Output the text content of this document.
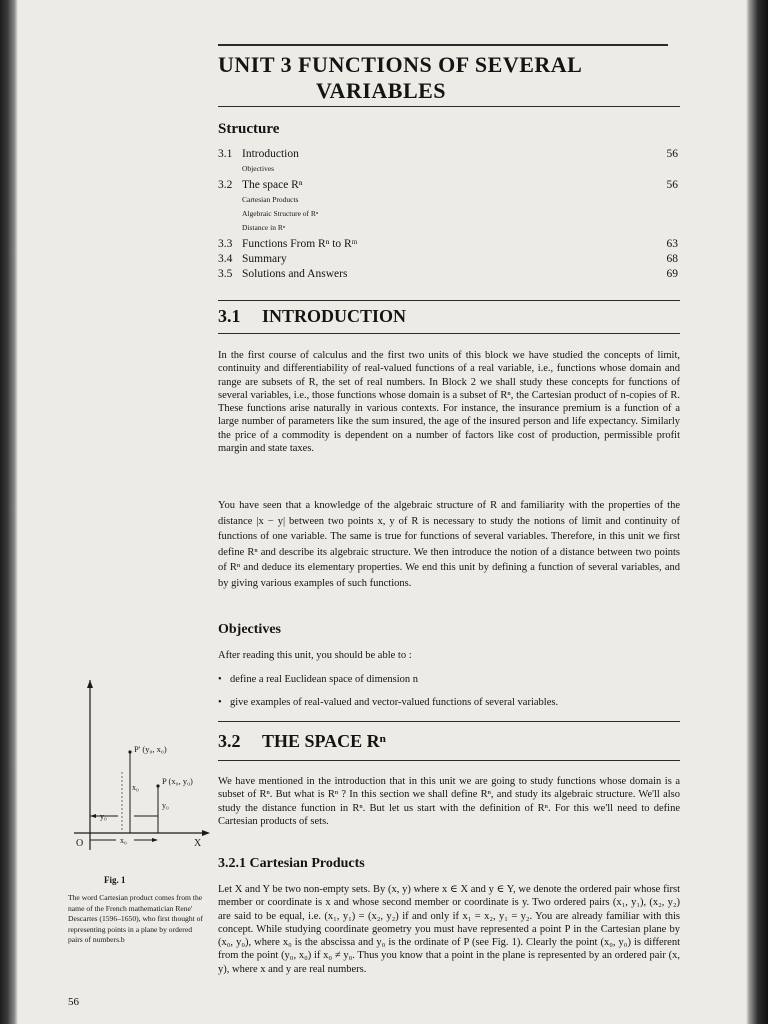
UNIT 3 FUNCTIONS OF SEVERAL
VARIABLES
Structure
3.1 Introduction	56
Objectives
3.2 The space Rⁿ	56
Cartesian Products
Algebraic Structure of Rⁿ
Distance in Rⁿ
3.3 Functions From Rⁿ to Rᵐ	63
3.4 Summary	68
3.5 Solutions and Answers	69
3.1 INTRODUCTION

In the first course of calculus and the first two units of this block we have studied the concepts of limit, continuity and differentiability of real-valued functions of a real variable, i.e., functions whose domain and range are subsets of R, the set of real numbers. In Block 2 we shall study these concepts for functions of several variables, i.e., those functions whose domain is a subset of Rⁿ, the Cartesian product of n-copies of R. These functions arise naturally in various contexts. For instance, the insurance premium is a function of a large number of parameters like the sum insured, the age of the insured person and life expectancy. Similarly the price of a commodity is dependent on a number of factors like cost of production, permissible profit margin and state taxes.

You have seen that a knowledge of the algebraic structure of R and familiarity with the properties of the distance |x − y| between two points x, y of R is necessary to study the notions of limit and continuity of functions of one variable. The same is true for functions of several variables. Therefore, in this unit we first define Rⁿ and describe its algebraic structure. We then introduce the notion of a distance between two points of Rⁿ and deduce its elementary properties. We end this unit by defining a function of several variables, and by giving various examples of such functions.

Objectives

After reading this unit, you should be able to :

• define a real Euclidean space of dimension n
• give examples of real-valued and vector-valued functions of several variables.
3.2 THE SPACE Rⁿ

We have mentioned in the introduction that in this unit we are going to study functions whose domain is a subset of Rⁿ. But what is Rⁿ ? In this section we shall define Rⁿ, and study its algebraic structure. We'll also study the distance function in Rⁿ. But let us start with the definition of Rⁿ. For this we'll need to define Cartesian products of sets.

3.2.1 Cartesian Products

Let X and Y be two non-empty sets. By (x, y) where x ∈ X and y ∈ Y, we denote the ordered pair whose first member or coordinate is x and whose second member or coordinate is y. Two ordered pairs (x₁, y₁), (x₂, y₂) are said to be equal, i.e. (x₁, y₁) = (x₂, y₂) if and only if x₁ = x₂, y₁ = y₂. You are already familiar with this concept. While studying coordinate geometry you must have represented a point P in the Cartesian plane by (x₀, y₀), where x₀ is the abscissa and y₀ is the ordinate of P (see Fig. 1). Clearly the point (x₀, y₀) is different from the point (y₀, x₀) if x₀ ≠ y₀. Thus you know that a point in the plane is represented by an ordered pair (x, y), where x and y are real numbers.

P' (y₀, x₀)
P (x₀, y₀)
x₀
y₀
y₀
x₀
O	X
Fig. 1

The word Cartesian product comes from the name of the French mathematician Rene' Descartes (1596–1650), who first thought of representing points in a plane by ordered pairs of numbers.b

56
